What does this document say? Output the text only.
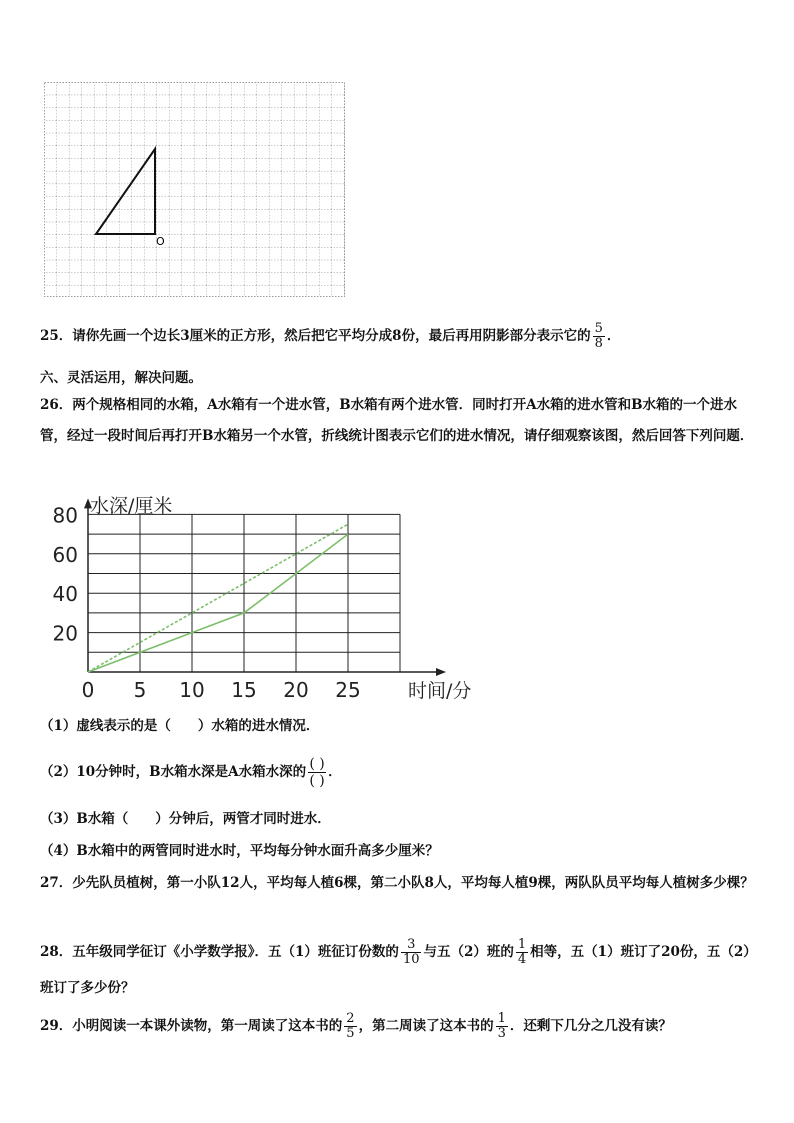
O
25．请你先画一个边长3厘米的正方形，然后把它平均分成8份，最后再用阴影部分表示它的 $\frac{5}{8}$ ．
六、灵活运用，解决问题。
26．两个规格相同的水箱，A水箱有一个进水管，B水箱有两个进水管．同时打开A水箱的进水管和B水箱的一个进水管，经过一段时间后再打开B水箱另一个水管，折线统计图表示它们的进水情况，请仔细观察该图，然后回答下列问题．
20
40
60
80
0 5 10 15 20 25
水深/厘米
时间/分
（1）虚线表示的是（　　）水箱的进水情况．
（2）10分钟时，B水箱水深是A水箱水深的 ( )
( )
．
（3）B水箱（　　）分钟后，两管才同时进水．
（4）B水箱中的两管同时进水时，平均每分钟水面升高多少厘米？
27．少先队员植树，第一小队12人，平均每人植6棵，第二小队8人，平均每人植9棵，两队队员平均每人植树多少棵？
28．五年级同学征订《小学数学报》．五（1）班征订份数的 $\frac{3}{10}$ 与五（2）班的 $\frac{1}{4}$ 相等，五（1）班订了20份，五（2）班订了多少份？
29．小明阅读一本课外读物，第一周读了这本书的 $\frac{2}{5}$ ，第二周读了这本书的 $\frac{1}{3}$ ．还剩下几分之几没有读？
